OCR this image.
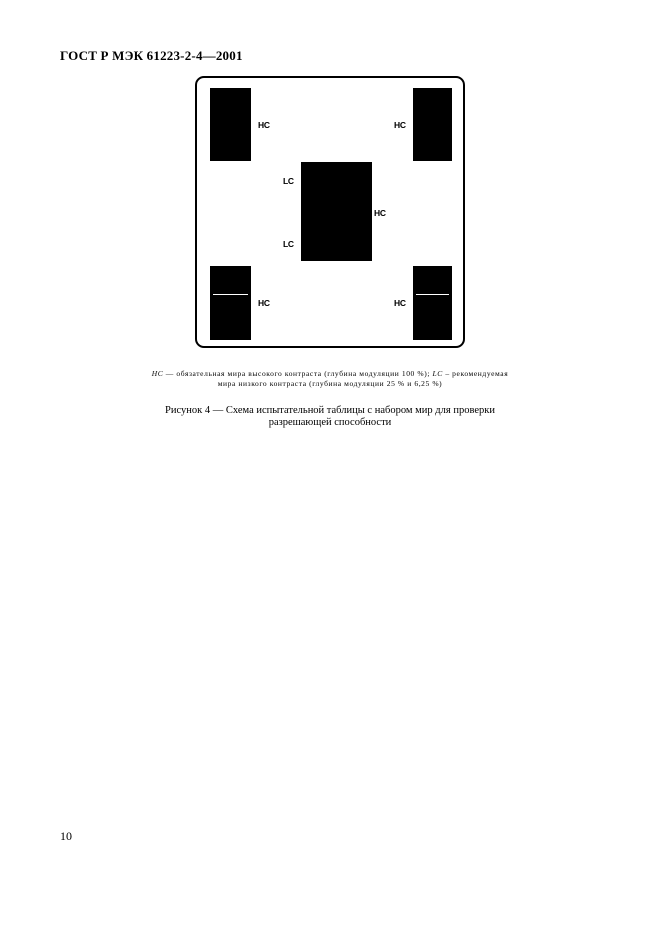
ГОСТ Р МЭК 61223-2-4—2001
HC	HC
LC
HC
LC
HC	HC
HC — обязательная мира высокого контраста (глубина модуляции 100 %); LC – рекомендуемая
мира низкого контраста (глубина модуляции 25 % и 6,25 %)
Рисунок 4 — Схема испытательной таблицы с набором мир для проверки
разрешающей способности
10
